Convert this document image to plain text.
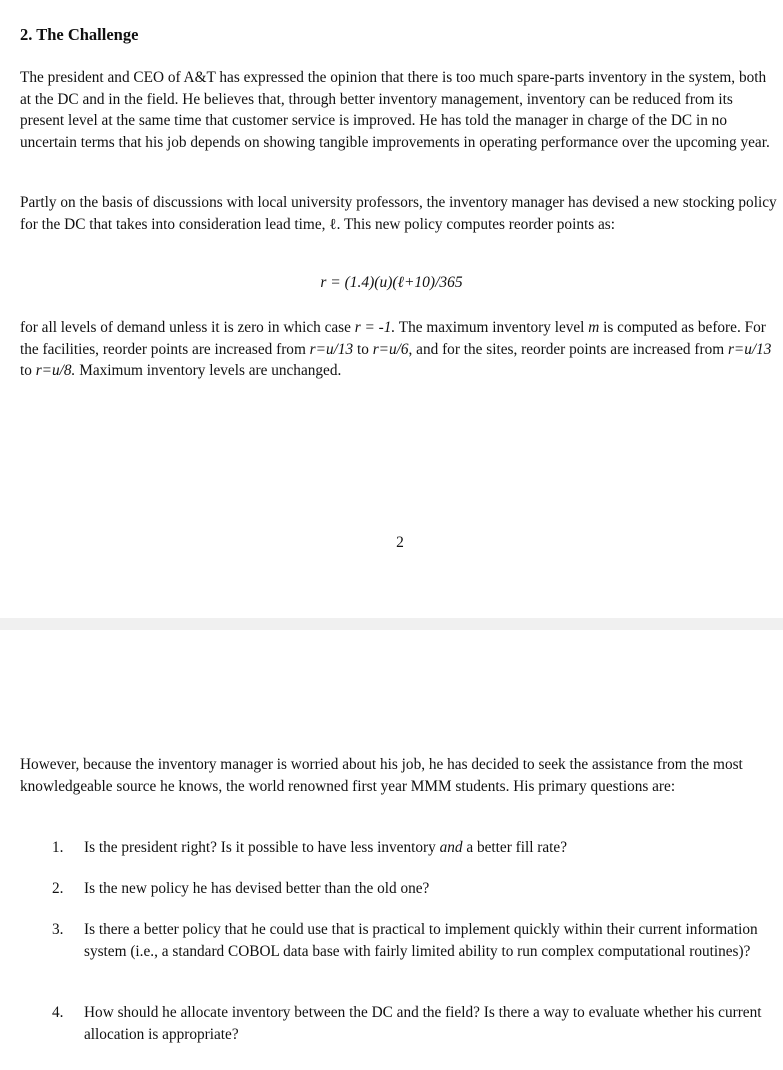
2. The Challenge

The president and CEO of A&T has expressed the opinion that there is too much spare-parts inventory in the system, both at the DC and in the field. He believes that, through better inventory management, inventory can be reduced from its present level at the same time that customer service is improved. He has told the manager in charge of the DC in no uncertain terms that his job depends on showing tangible improvements in operating performance over the upcoming year.

Partly on the basis of discussions with local university professors, the inventory manager has devised a new stocking policy for the DC that takes into consideration lead time, ℓ. This new policy computes reorder points as:

r = (1.4)(u)(ℓ+10)/365

for all levels of demand unless it is zero in which case r = -1. The maximum inventory level m is computed as before. For the facilities, reorder points are increased from r=u/13 to r=u/6, and for the sites, reorder points are increased from r=u/13 to r=u/8. Maximum inventory levels are unchanged.

2

However, because the inventory manager is worried about his job, he has decided to seek the assistance from the most knowledgeable source he knows, the world renowned first year MMM students. His primary questions are:

1. Is the president right? Is it possible to have less inventory and a better fill rate?
2. Is the new policy he has devised better than the old one?
3. Is there a better policy that he could use that is practical to implement quickly within their current information system (i.e., a standard COBOL data base with fairly limited ability to run complex computational routines)?
4. How should he allocate inventory between the DC and the field? Is there a way to evaluate whether his current allocation is appropriate?
